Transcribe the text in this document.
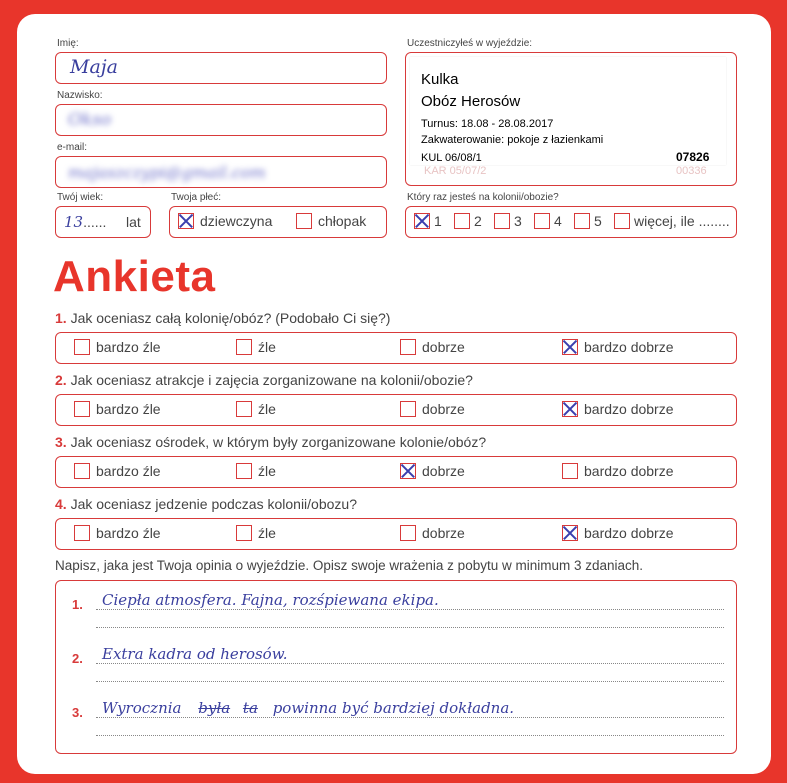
Imię:
Maja
Nazwisko:
Okso
e-mail:
majaszczypi@gmail.com
Twój wiek:
13...... lat
Twoja płeć:
dziewczyna	chłopak
Uczestniczyłeś w wyjeździe:
KAR 05/07/2	00336
Kulka
Obóz Herosów
Turnus: 18.08 - 28.08.2017
Zakwaterowanie: pokoje z łazienkami
KUL 06/08/1	07826
Który raz jesteś na kolonii/obozie?
1 2 3 4 5 więcej, ile ........
Ankieta
1. Jak oceniasz całą kolonię/obóz? (Podobało Ci się?)
bardzo źle	źle	dobrze	bardzo dobrze
2. Jak oceniasz atrakcje i zajęcia zorganizowane na kolonii/obozie?
bardzo źle	źle	dobrze	bardzo dobrze
3. Jak oceniasz ośrodek, w którym były zorganizowane kolonie/obóz?
bardzo źle	źle	dobrze	bardzo dobrze
4. Jak oceniasz jedzenie podczas kolonii/obozu?
bardzo źle	źle	dobrze	bardzo dobrze
Napisz, jaka jest Twoja opinia o wyjeździe. Opisz swoje wrażenia z pobytu w minimum 3 zdaniach.
1. Ciepła atmosfera. Fajna, rozśpiewana ekipa.
2. Extra kadra od herosów.
3. Wyrocznia była ta powinna być bardziej dokładna.
